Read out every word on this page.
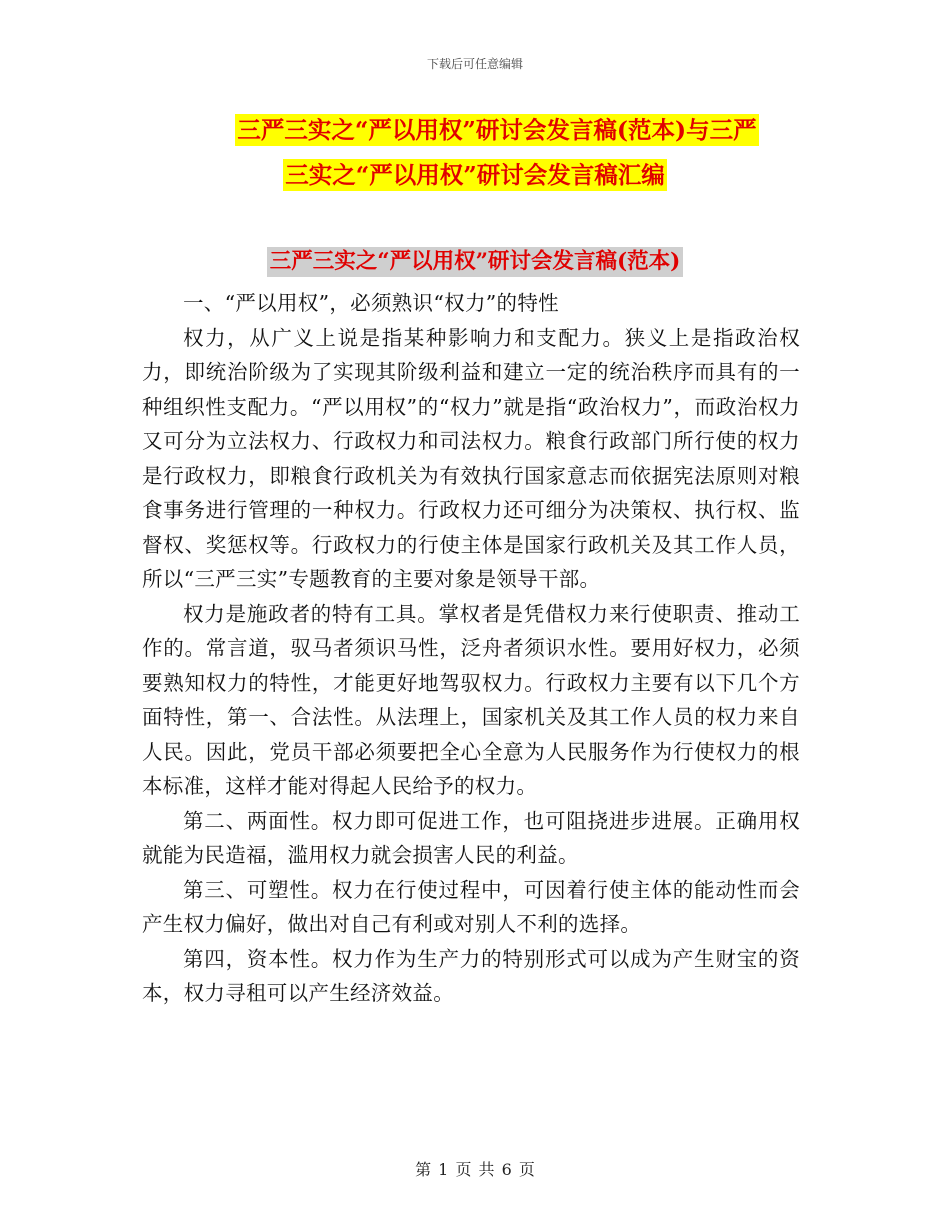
下载后可任意编辑
三严三实之“严以用权”研讨会发言稿(范本)与三严
三实之“严以用权”研讨会发言稿汇编
三严三实之“严以用权”研讨会发言稿(范本)

一、“严以用权”，必须熟识“权力”的特性

权力，从广义上说是指某种影响力和支配力。狭义上是指政治权力，即统治阶级为了实现其阶级利益和建立一定的统治秩序而具有的一种组织性支配力。“严以用权”的“权力”就是指“政治权力”，而政治权力又可分为立法权力、行政权力和司法权力。粮食行政部门所行使的权力是行政权力，即粮食行政机关为有效执行国家意志而依据宪法原则对粮食事务进行管理的一种权力。行政权力还可细分为决策权、执行权、监督权、奖惩权等。行政权力的行使主体是国家行政机关及其工作人员，所以“三严三实”专题教育的主要对象是领导干部。

权力是施政者的特有工具。掌权者是凭借权力来行使职责、推动工作的。常言道，驭马者须识马性，泛舟者须识水性。要用好权力，必须要熟知权力的特性，才能更好地驾驭权力。行政权力主要有以下几个方面特性，第一、合法性。从法理上，国家机关及其工作人员的权力来自人民。因此，党员干部必须要把全心全意为人民服务作为行使权力的根本标准，这样才能对得起人民给予的权力。

第二、两面性。权力即可促进工作，也可阻挠进步进展。正确用权就能为民造福，滥用权力就会损害人民的利益。

第三、可塑性。权力在行使过程中，可因着行使主体的能动性而会产生权力偏好，做出对自己有利或对别人不利的选择。

第四，资本性。权力作为生产力的特别形式可以成为产生财宝的资本，权力寻租可以产生经济效益。

第 1 页 共 6 页
